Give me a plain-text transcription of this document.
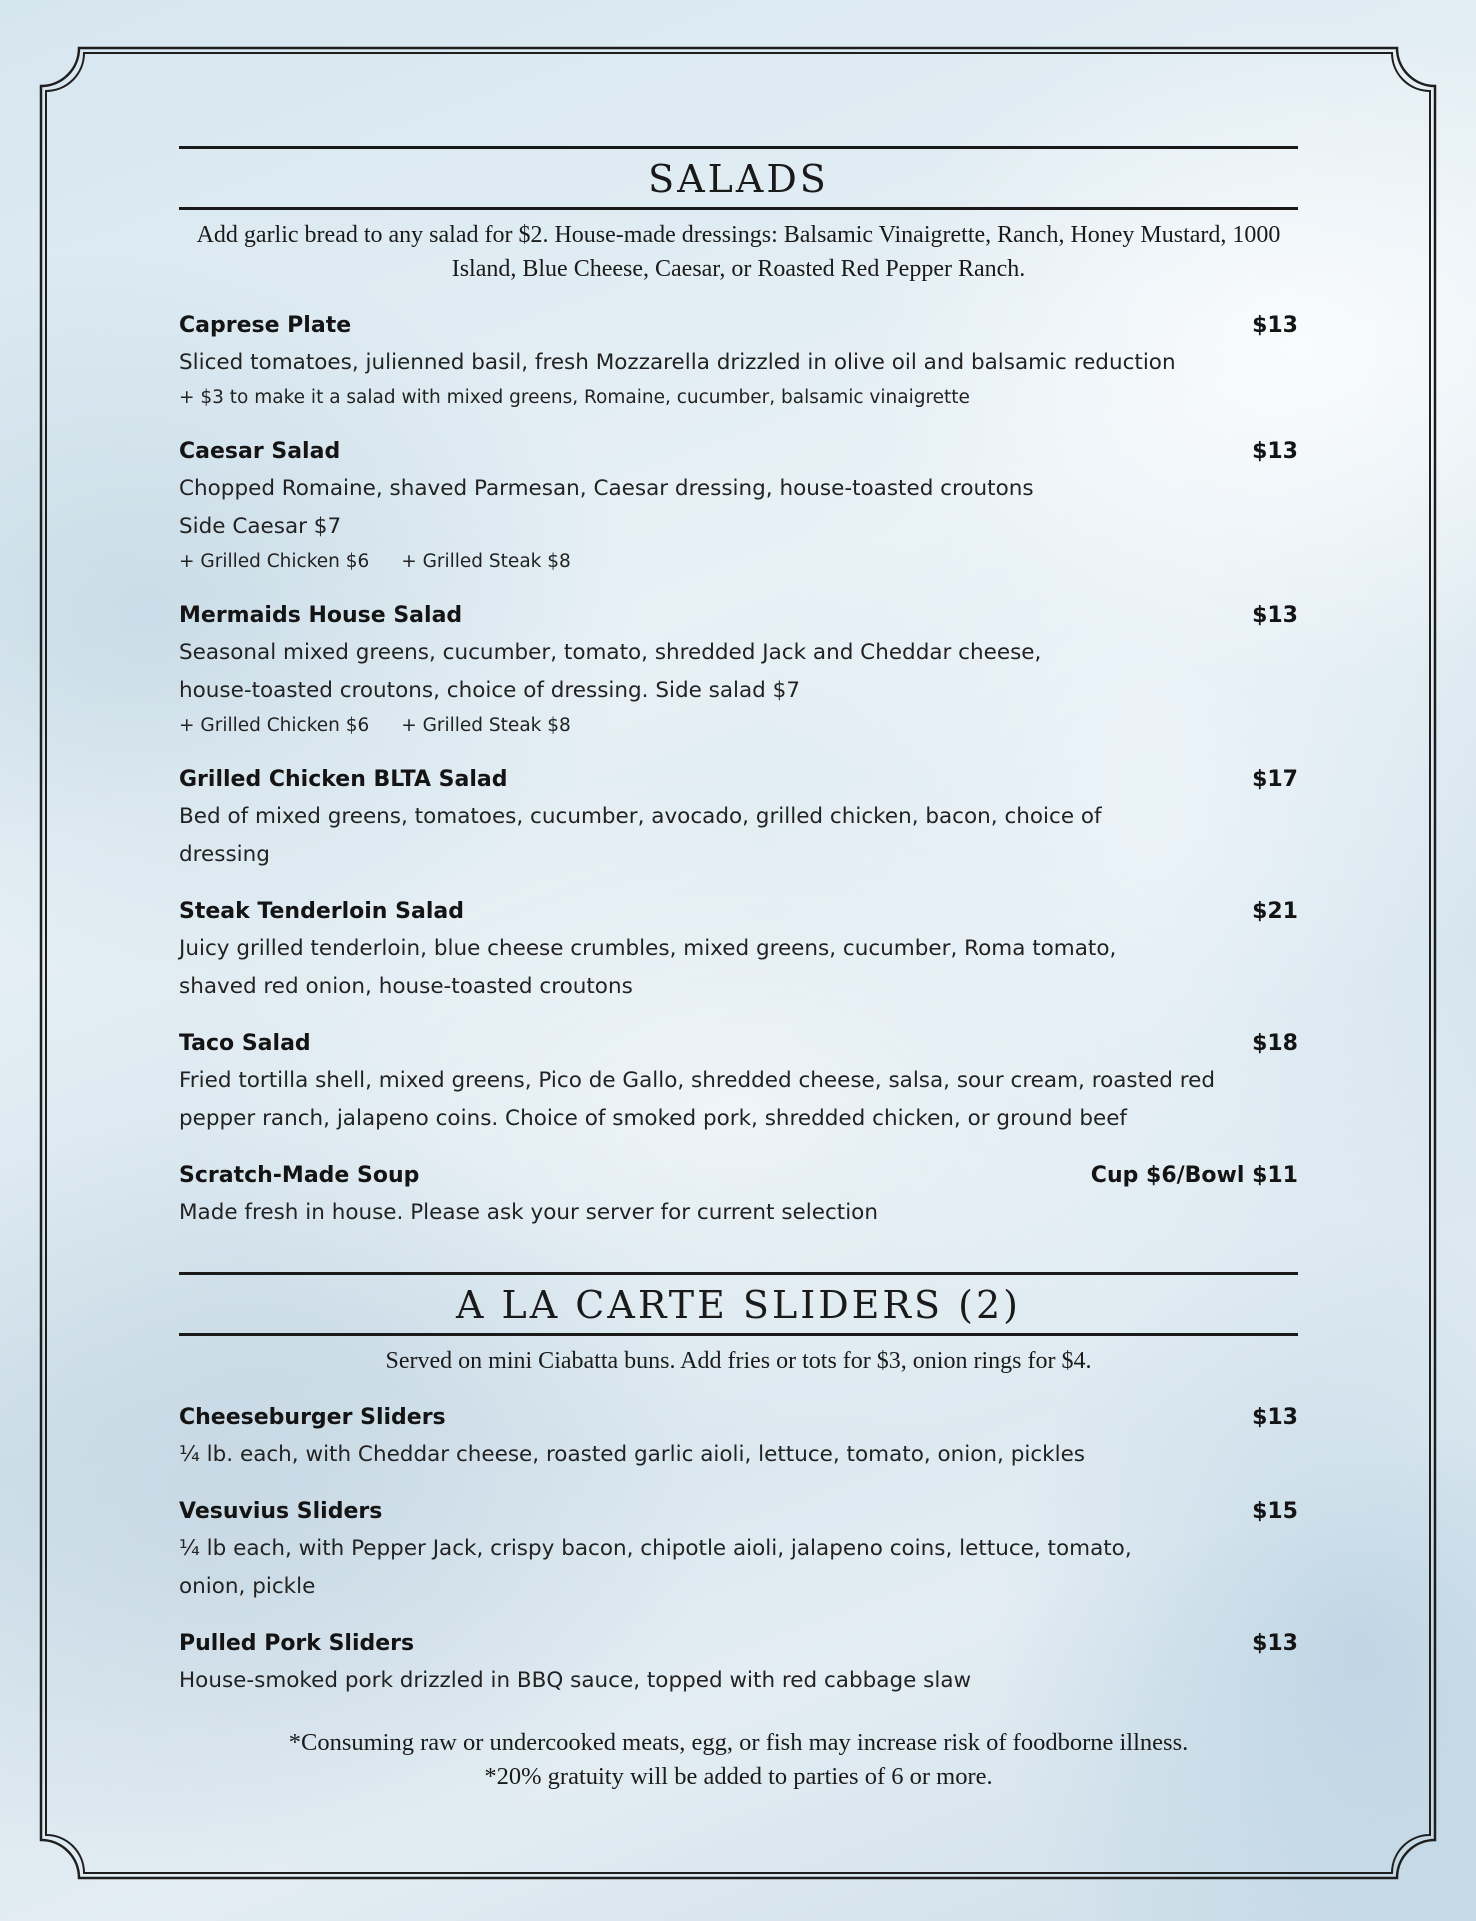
SALADS
Add garlic bread to any salad for $2. House-made dressings: Balsamic Vinaigrette, Ranch, Honey Mustard, 1000 Island, Blue Cheese, Caesar, or Roasted Red Pepper Ranch.
Caprese Plate	$13
Sliced tomatoes, julienned basil, fresh Mozzarella drizzled in olive oil and balsamic reduction
+ $3 to make it a salad with mixed greens, Romaine, cucumber, balsamic vinaigrette
Caesar Salad	$13
Chopped Romaine, shaved Parmesan, Caesar dressing, house-toasted croutons
Side Caesar $7
+ Grilled Chicken $6 + Grilled Steak $8
Mermaids House Salad	$13
Seasonal mixed greens, cucumber, tomato, shredded Jack and Cheddar cheese, house-toasted croutons, choice of dressing. Side salad $7
+ Grilled Chicken $6 + Grilled Steak $8
Grilled Chicken BLTA Salad	$17
Bed of mixed greens, tomatoes, cucumber, avocado, grilled chicken, bacon, choice of dressing
Steak Tenderloin Salad	$21
Juicy grilled tenderloin, blue cheese crumbles, mixed greens, cucumber, Roma tomato, shaved red onion, house-toasted croutons
Taco Salad	$18
Fried tortilla shell, mixed greens, Pico de Gallo, shredded cheese, salsa, sour cream, roasted red pepper ranch, jalapeno coins. Choice of smoked pork, shredded chicken, or ground beef
Scratch-Made Soup	Cup $6/Bowl $11
Made fresh in house. Please ask your server for current selection
A LA CARTE SLIDERS (2)
Served on mini Ciabatta buns. Add fries or tots for $3, onion rings for $4.
Cheeseburger Sliders	$13
¼ lb. each, with Cheddar cheese, roasted garlic aioli, lettuce, tomato, onion, pickles
Vesuvius Sliders	$15
¼ lb each, with Pepper Jack, crispy bacon, chipotle aioli, jalapeno coins, lettuce, tomato, onion, pickle
Pulled Pork Sliders	$13
House-smoked pork drizzled in BBQ sauce, topped with red cabbage slaw
*Consuming raw or undercooked meats, egg, or fish may increase risk of foodborne illness.
*20% gratuity will be added to parties of 6 or more.
